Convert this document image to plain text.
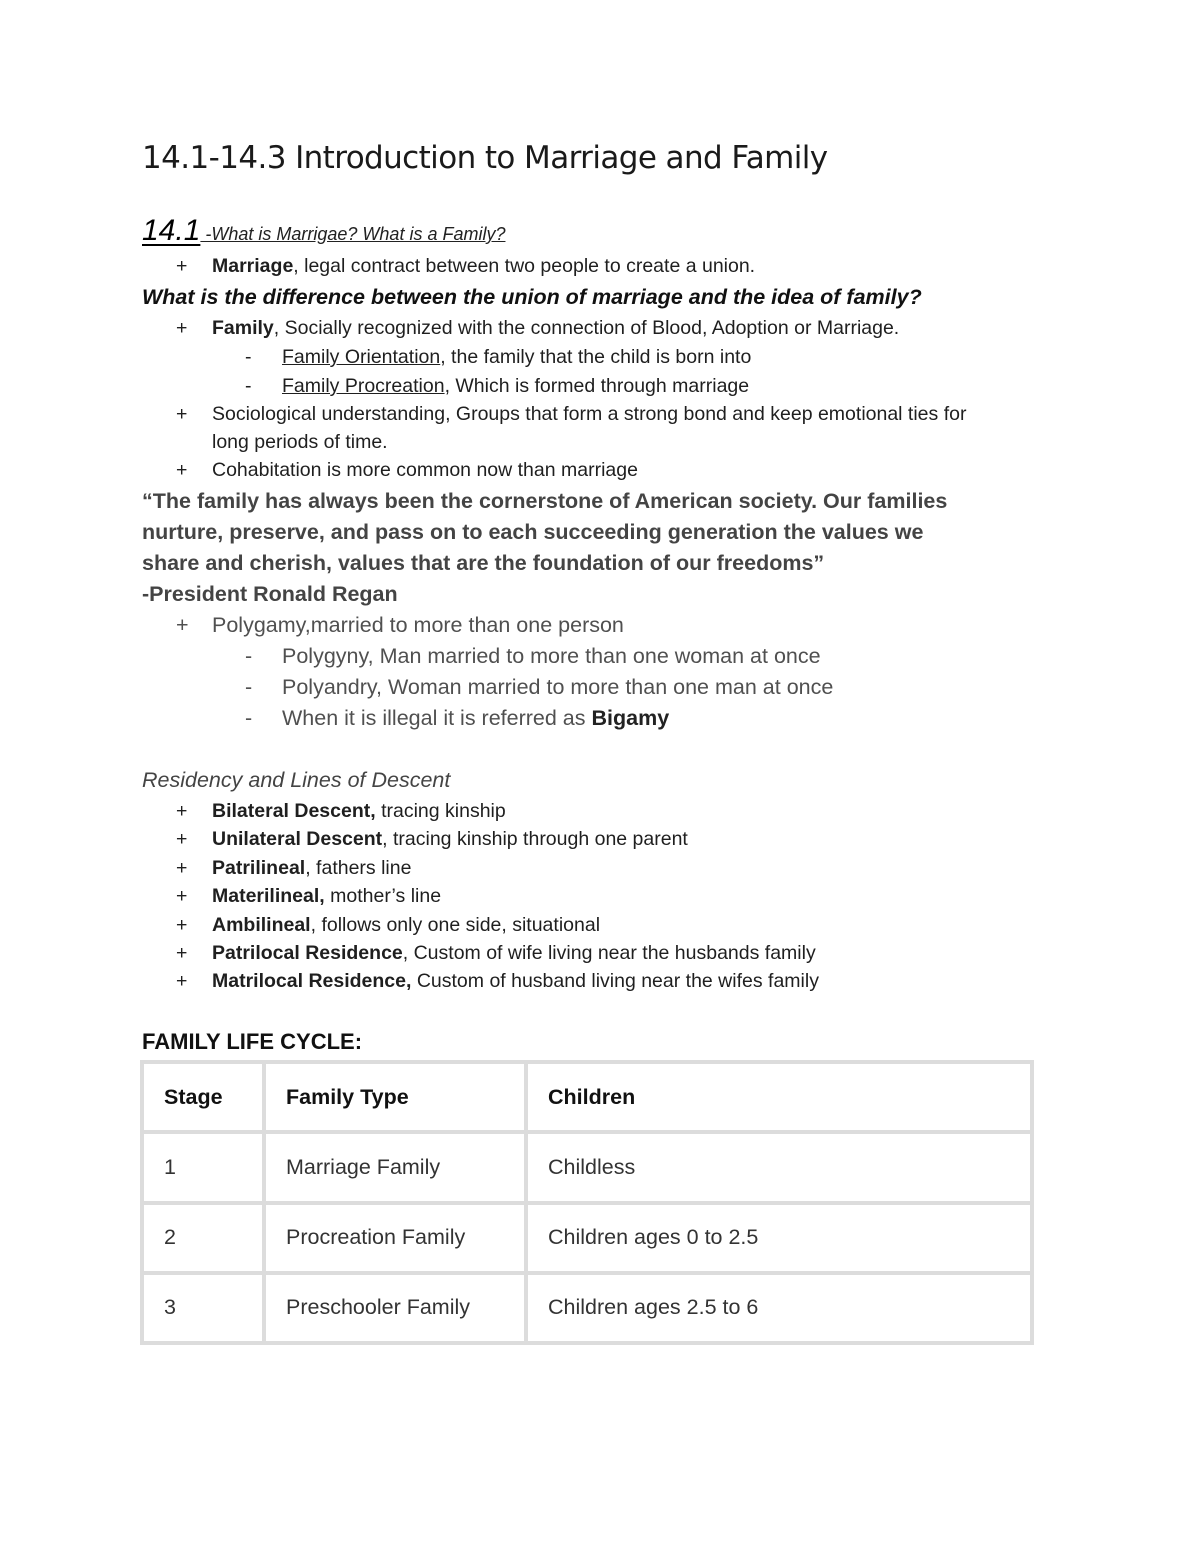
14.1-14.3 Introduction to Marriage and Family
14.1 -What is Marrigae? What is a Family?
+ Marriage, legal contract between two people to create a union.
What is the difference between the union of marriage and the idea of family?
+ Family, Socially recognized with the connection of Blood, Adoption or Marriage.
- Family Orientation, the family that the child is born into
- Family Procreation, Which is formed through marriage
+ Sociological understanding, Groups that form a strong bond and keep emotional ties for
long periods of time.
+ Cohabitation is more common now than marriage
“The family has always been the cornerstone of American society. Our families
nurture, preserve, and pass on to each succeeding generation the values we
share and cherish, values that are the foundation of our freedoms”
-President Ronald Regan
+ Polygamy,married to more than one person
- Polygyny, Man married to more than one woman at once
- Polyandry, Woman married to more than one man at once
- When it is illegal it is referred as Bigamy
Residency and Lines of Descent
+ Bilateral Descent, tracing kinship
+ Unilateral Descent, tracing kinship through one parent
+ Patrilineal, fathers line
+ Materilineal, mother’s line
+ Ambilineal, follows only one side, situational
+ Patrilocal Residence, Custom of wife living near the husbands family
+ Matrilocal Residence, Custom of husband living near the wifes family
FAMILY LIFE CYCLE:
Stage	Family Type	Children
1	Marriage Family	Childless
2	Procreation Family	Children ages 0 to 2.5
3	Preschooler Family	Children ages 2.5 to 6
